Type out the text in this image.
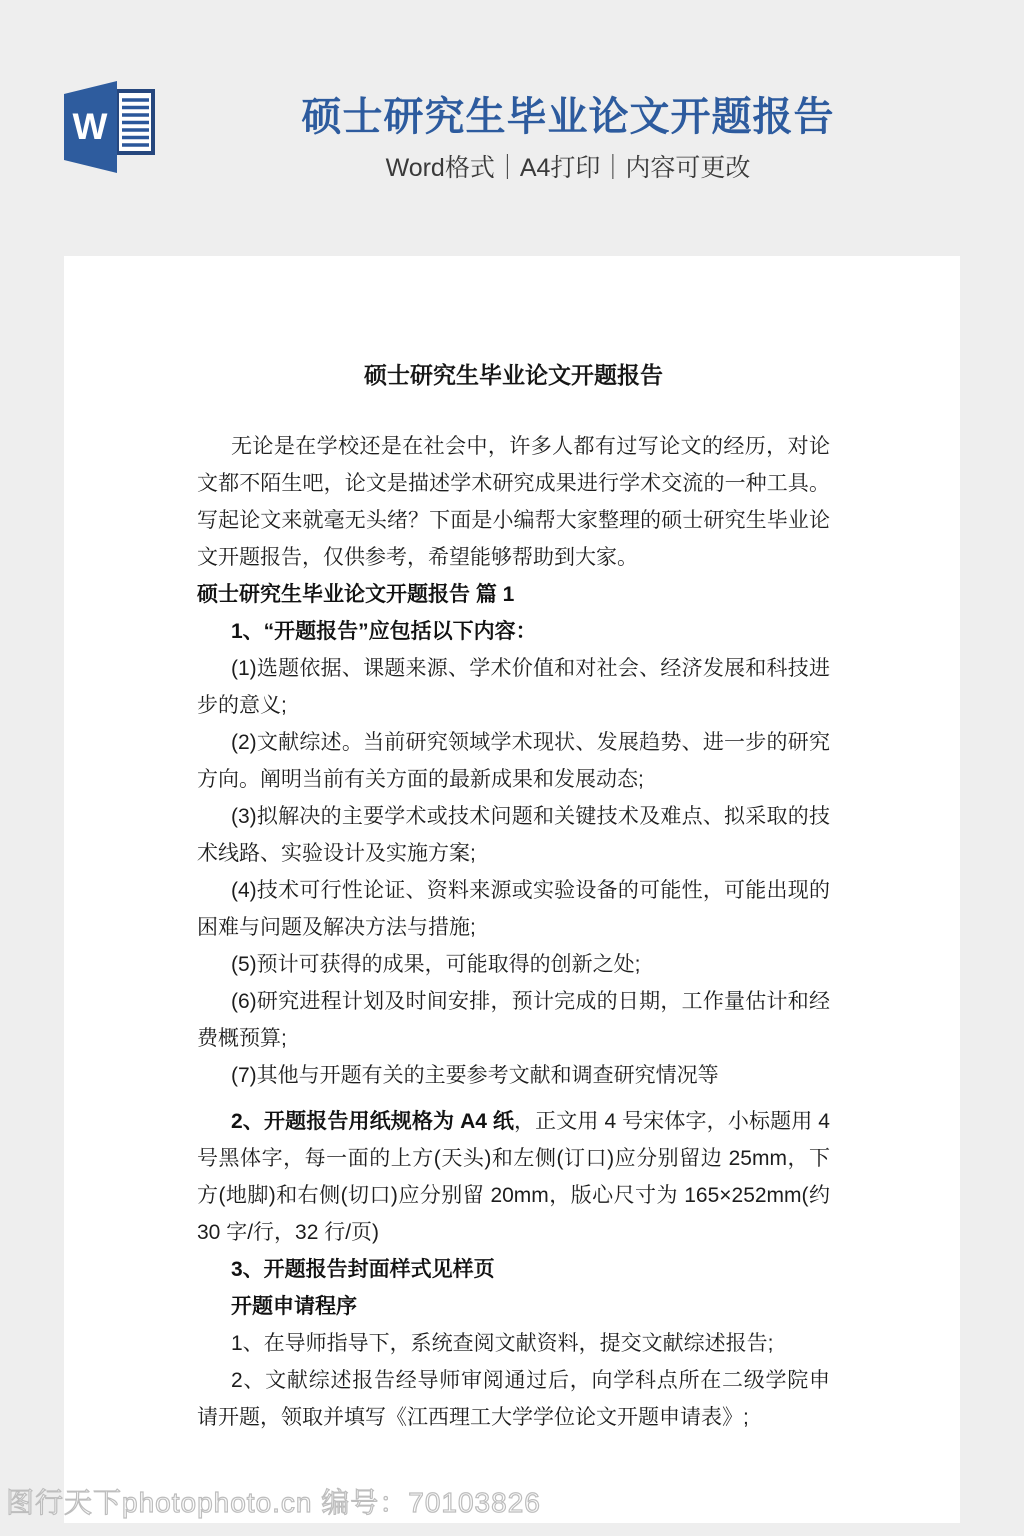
W	硕士研究生毕业论文开题报告
Word格式｜A4打印｜内容可更改
硕士研究生毕业论文开题报告

无论是在学校还是在社会中，许多人都有过写论文的经历，对论文都不陌生吧，论文是描述学术研究成果进行学术交流的一种工具。写起论文来就毫无头绪？下面是小编帮大家整理的硕士研究生毕业论文开题报告，仅供参考，希望能够帮助到大家。

硕士研究生毕业论文开题报告 篇 1

1、“开题报告”应包括以下内容：

(1)选题依据、课题来源、学术价值和对社会、经济发展和科技进步的意义;

(2)文献综述。当前研究领域学术现状、发展趋势、进一步的研究方向。阐明当前有关方面的最新成果和发展动态;

(3)拟解决的主要学术或技术问题和关键技术及难点、拟采取的技术线路、实验设计及实施方案;

(4)技术可行性论证、资料来源或实验设备的可能性，可能出现的困难与问题及解决方法与措施;

(5)预计可获得的成果，可能取得的创新之处;

(6)研究进程计划及时间安排，预计完成的日期，工作量估计和经费概预算;

(7)其他与开题有关的主要参考文献和调查研究情况等

2、开题报告用纸规格为 A4 纸，正文用 4 号宋体字，小标题用 4 号黑体字，每一面的上方(天头)和左侧(订口)应分别留边 25mm，下方(地脚)和右侧(切口)应分别留 20mm，版心尺寸为 165×252mm(约 30 字/行，32 行/页)

3、开题报告封面样式见样页

开题申请程序

1、在导师指导下，系统查阅文献资料，提交文献综述报告;

2、文献综述报告经导师审阅通过后，向学科点所在二级学院申请开题，领取并填写《江西理工大学学位论文开题申请表》;

图行天下photophoto.cn 编号：70103826
